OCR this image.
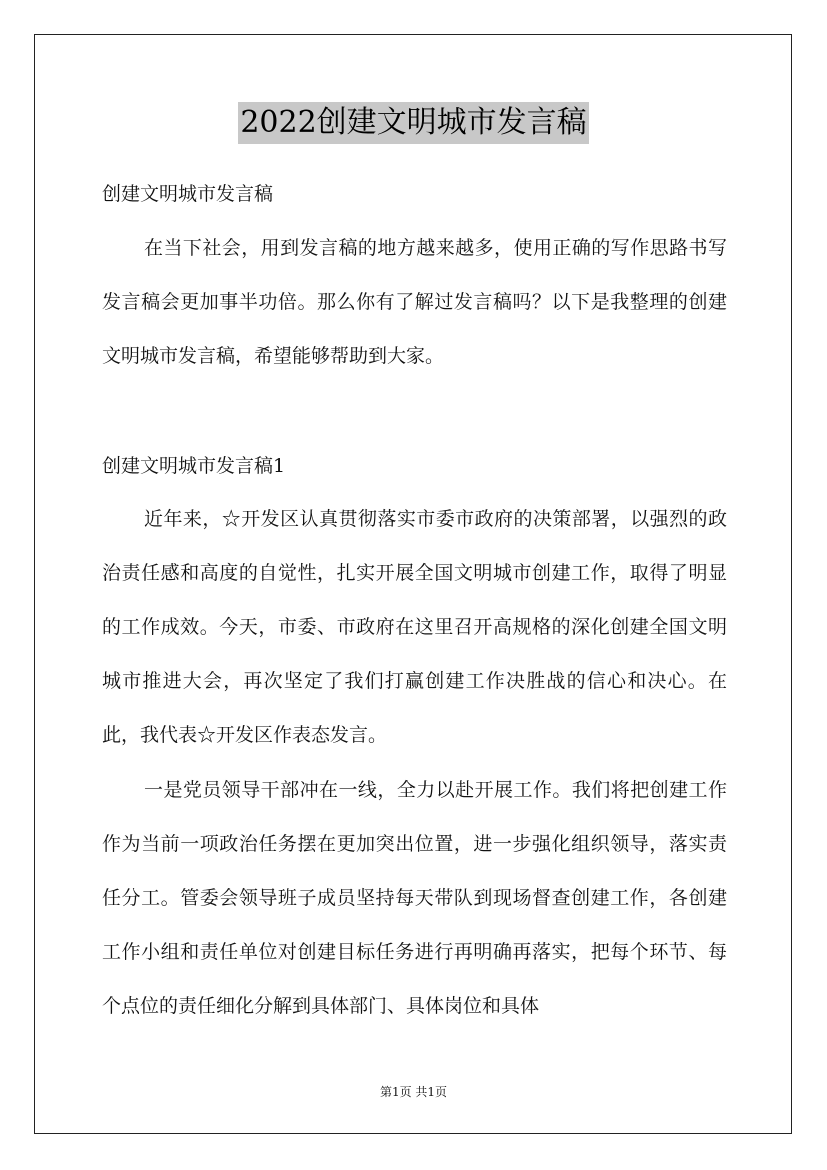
2022创建文明城市发言稿
创建文明城市发言稿

在当下社会，用到发言稿的地方越来越多，使用正确的写作思路书写发言稿会更加事半功倍。那么你有了解过发言稿吗？以下是我整理的创建文明城市发言稿，希望能够帮助到大家。

创建文明城市发言稿1

近年来，☆开发区认真贯彻落实市委市政府的决策部署，以强烈的政治责任感和高度的自觉性，扎实开展全国文明城市创建工作，取得了明显的工作成效。今天，市委、市政府在这里召开高规格的深化创建全国文明城市推进大会，再次坚定了我们打赢创建工作决胜战的信心和决心。在此，我代表☆开发区作表态发言。

一是党员领导干部冲在一线，全力以赴开展工作。我们将把创建工作作为当前一项政治任务摆在更加突出位置，进一步强化组织领导，落实责任分工。管委会领导班子成员坚持每天带队到现场督查创建工作，各创建工作小组和责任单位对创建目标任务进行再明确再落实，把每个环节、每个点位的责任细化分解到具体部门、具体岗位和具体

第1页 共1页
